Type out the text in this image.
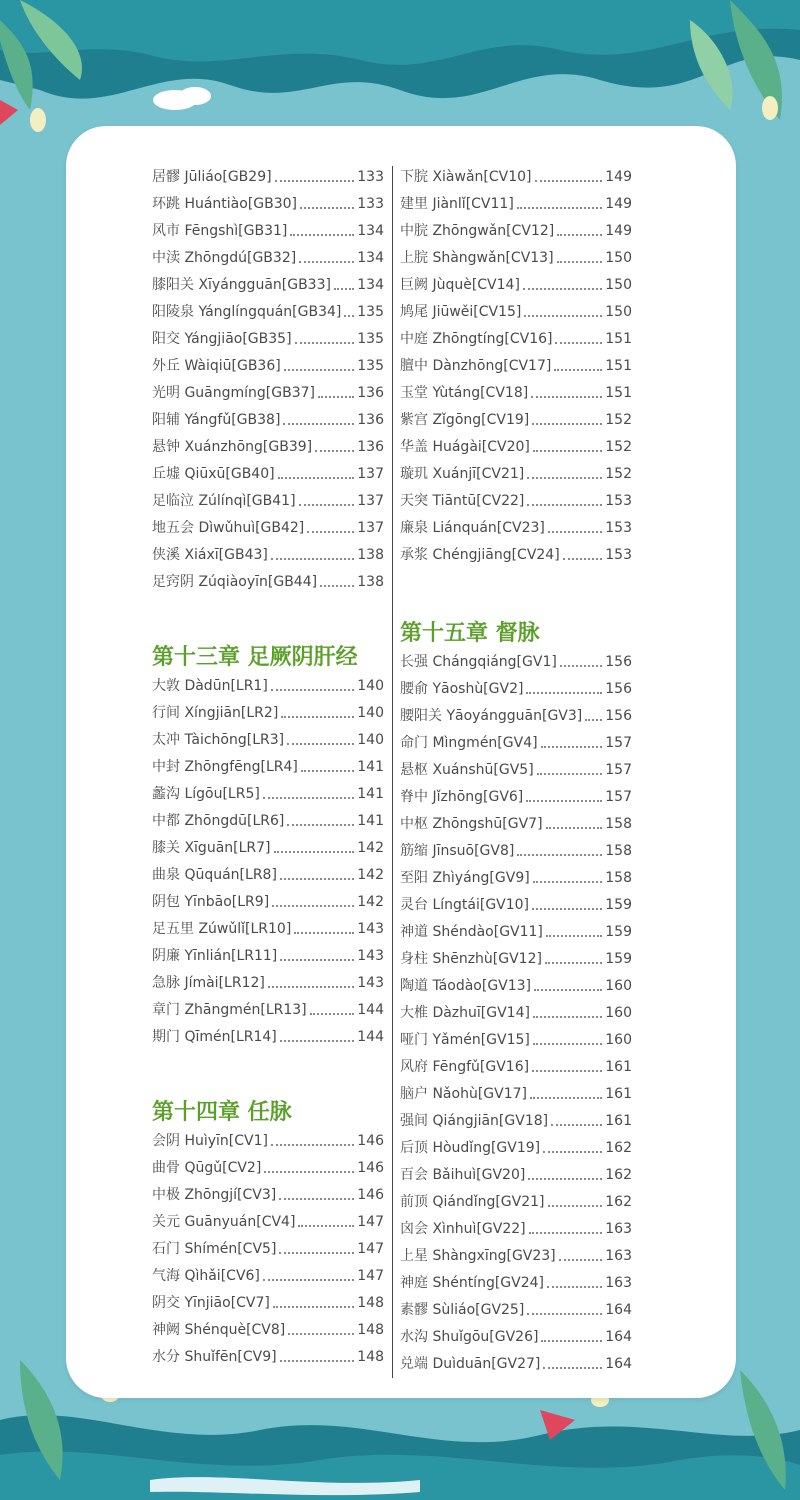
居髎 Jūliáo[GB29]	133
环跳 Huántiào[GB30]	133
风市 Fēngshì[GB31]	134
中渎 Zhōngdú[GB32]	134
膝阳关 Xīyángguān[GB33] 134
阳陵泉 Yánglíngquán[GB34] 135
阳交 Yángjiāo[GB35]	135
外丘 Wàiqiū[GB36]	135
光明 Guāngmíng[GB37]	136
阳辅 Yángfǔ[GB38]	136
悬钟 Xuánzhōng[GB39]	136
丘墟 Qiūxū[GB40]	137
足临泣 Zúlínqì[GB41]	137
地五会 Dìwǔhuì[GB42]	137
侠溪 Xiáxī[GB43]	138
足窍阴 Zúqiàoyīn[GB44]	138
第十三章 足厥阴肝经
大敦 Dàdūn[LR1]	140
行间 Xíngjiān[LR2]	140
太冲 Tàichōng[LR3]	140
中封 Zhōngfēng[LR4]	141
蠡沟 Lígōu[LR5]	141
中都 Zhōngdū[LR6]	141
膝关 Xīguān[LR7]	142
曲泉 Qūquán[LR8]	142
阴包 Yīnbāo[LR9]	142
足五里 Zúwǔlǐ[LR10]	143
阴廉 Yīnlián[LR11]	143
急脉 Jímài[LR12]	143
章门 Zhāngmén[LR13]	144
期门 Qīmén[LR14]	144
第十四章 任脉
会阴 Huìyīn[CV1]	146
曲骨 Qūgǔ[CV2]	146
中极 Zhōngjí[CV3]	146
关元 Guānyuán[CV4]	147
石门 Shímén[CV5]	147
气海 Qìhǎi[CV6]	147
阴交 Yīnjiāo[CV7]	148
神阙 Shénquè[CV8]	148
水分 Shuǐfēn[CV9]	148
下脘 Xiàwǎn[CV10]	149
建里 Jiànlǐ[CV11]	149
中脘 Zhōngwǎn[CV12]	149
上脘 Shàngwǎn[CV13]	150
巨阙 Jùquè[CV14]	150
鸠尾 Jiūwěi[CV15]	150
中庭 Zhōngtíng[CV16]	151
膻中 Dànzhōng[CV17]	151
玉堂 Yùtáng[CV18]	151
紫宫 Zǐgōng[CV19]	152
华盖 Huágài[CV20]	152
璇玑 Xuánjī[CV21]	152
天突 Tiāntū[CV22]	153
廉泉 Liánquán[CV23]	153
承浆 Chéngjiāng[CV24]	153
第十五章 督脉
长强 Chángqiáng[GV1]	156
腰俞 Yāoshù[GV2]	156
腰阳关 Yāoyángguān[GV3] 156
命门 Mìngmén[GV4]	157
悬枢 Xuánshū[GV5]	157
脊中 Jǐzhōng[GV6]	157
中枢 Zhōngshū[GV7]	158
筋缩 Jīnsuō[GV8]	158
至阳 Zhìyáng[GV9]	158
灵台 Língtái[GV10]	159
神道 Shéndào[GV11]	159
身柱 Shēnzhù[GV12]	159
陶道 Táodào[GV13]	160
大椎 Dàzhuī[GV14]	160
哑门 Yǎmén[GV15]	160
风府 Fēngfǔ[GV16]	161
脑户 Nǎohù[GV17]	161
强间 Qiángjiān[GV18]	161
后顶 Hòudǐng[GV19]	162
百会 Bǎihuì[GV20]	162
前顶 Qiándǐng[GV21]	162
囟会 Xìnhuì[GV22]	163
上星 Shàngxīng[GV23]	163
神庭 Shéntíng[GV24]	163
素髎 Sùliáo[GV25]	164
水沟 Shuǐgōu[GV26]	164
兑端 Duìduān[GV27]	164
